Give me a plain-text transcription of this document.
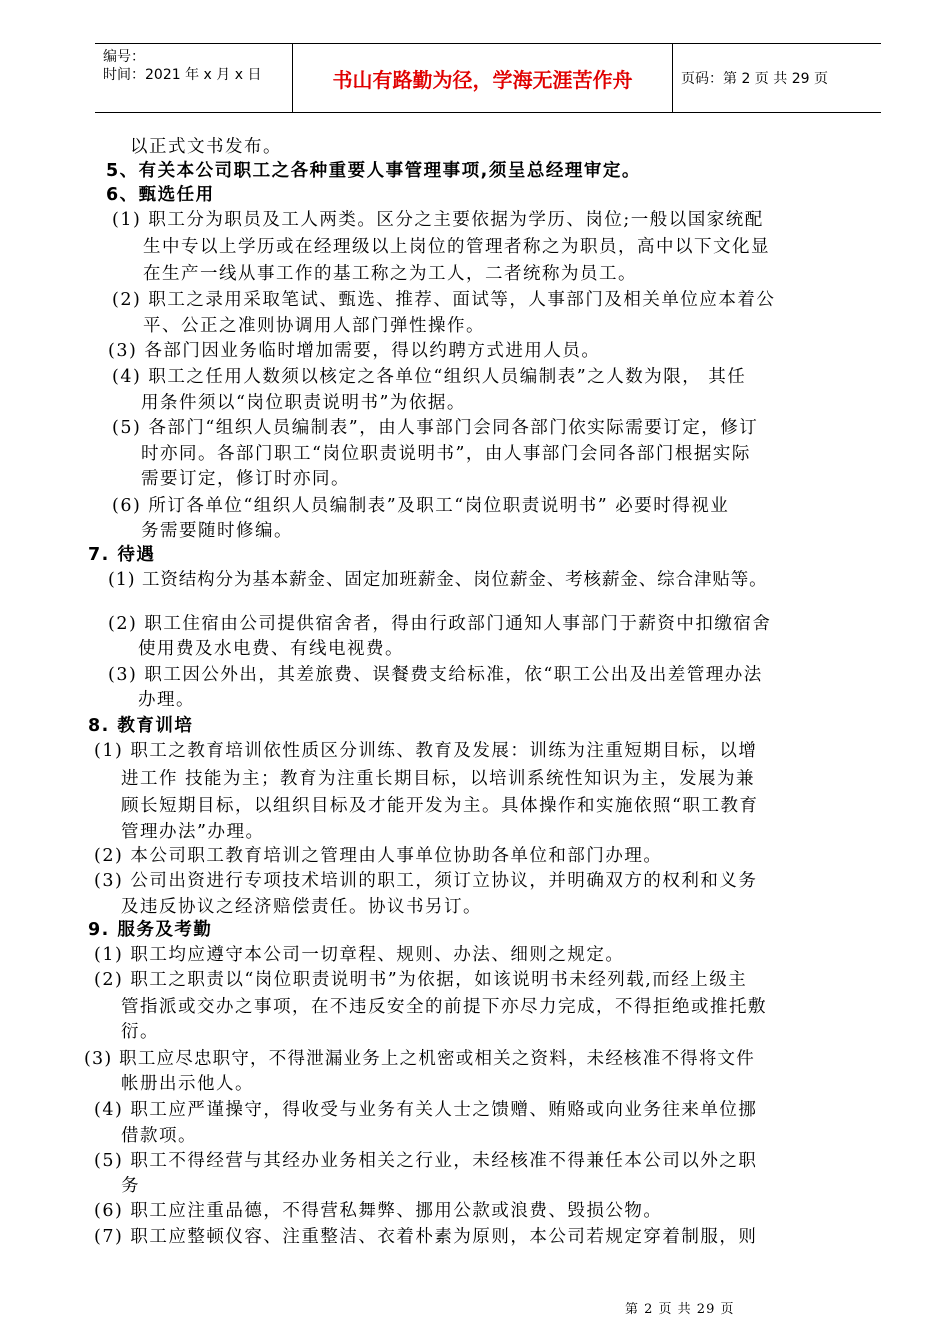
编号：
时间：2021 年 x 月 x 日	书山有路勤为径，学海无涯苦作舟	页码：第 2 页 共 29 页
以正式文书发布。
5、有关本公司职工之各种重要人事管理事项,须呈总经理审定。
6、甄选任用
(1) 职工分为职员及工人两类。区分之主要依据为学历、岗位;一般以国家统配
生中专以上学历或在经理级以上岗位的管理者称之为职员，高中以下文化显
在生产一线从事工作的基工称之为工人，二者统称为员工。
(2) 职工之录用采取笔试、甄选、推荐、面试等，人事部门及相关单位应本着公
平、公正之准则协调用人部门弹性操作。
(3) 各部门因业务临时增加需要，得以约聘方式进用人员。
(4) 职工之任用人数须以核定之各单位“组织人员编制表”之人数为限， 其任
用条件须以“岗位职责说明书”为依据。
(5) 各部门“组织人员编制表”，由人事部门会同各部门依实际需要订定，修订
时亦同。各部门职工“岗位职责说明书”，由人事部门会同各部门根据实际
需要订定，修订时亦同。
(6) 所订各单位“组织人员编制表”及职工“岗位职责说明书” 必要时得视业
务需要随时修编。
7. 待遇
(1) 工资结构分为基本薪金、固定加班薪金、岗位薪金、考核薪金、综合津贴等。
(2) 职工住宿由公司提供宿舍者，得由行政部门通知人事部门于薪资中扣缴宿舍
使用费及水电费、有线电视费。
(3) 职工因公外出，其差旅费、误餐费支给标准，依“职工公出及出差管理办法
办理。
8. 教育训培
(1) 职工之教育培训依性质区分训练、教育及发展：训练为注重短期目标，以增
进工作 技能为主；教育为注重长期目标，以培训系统性知识为主，发展为兼
顾长短期目标，以组织目标及才能开发为主。具体操作和实施依照“职工教育
管理办法”办理。
(2) 本公司职工教育培训之管理由人事单位协助各单位和部门办理。
(3) 公司出资进行专项技术培训的职工，须订立协议，并明确双方的权利和义务
及违反协议之经济赔偿责任。协议书另订。
9. 服务及考勤
(1) 职工均应遵守本公司一切章程、规则、办法、细则之规定。
(2) 职工之职责以“岗位职责说明书”为依据，如该说明书未经列载,而经上级主
管指派或交办之事项，在不违反安全的前提下亦尽力完成，不得拒绝或推托敷
衍。
(3) 职工应尽忠职守，不得泄漏业务上之机密或相关之资料，未经核准不得将文件
帐册出示他人。
(4) 职工应严谨操守，得收受与业务有关人士之馈赠、贿赂或向业务往来单位挪
借款项。
(5) 职工不得经营与其经办业务相关之行业，未经核准不得兼任本公司以外之职
务
(6) 职工应注重品德，不得营私舞弊、挪用公款或浪费、毁损公物。
(7) 职工应整顿仪容、注重整洁、衣着朴素为原则，本公司若规定穿着制服，则
第 2 页 共 29 页
